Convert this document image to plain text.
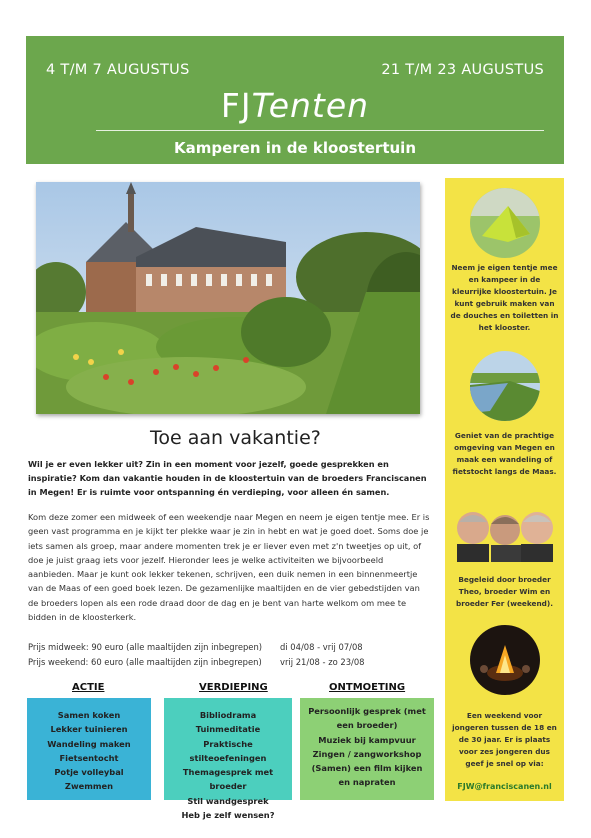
4 T/M 7 AUGUSTUS	21 T/M 23 AUGUSTUS
FJTenten
Kamperen in de kloostertuin
Toe aan vakantie?
Wil je er even lekker uit? Zin in een moment voor jezelf, goede gesprekken en inspiratie? Kom dan vakantie houden in de kloostertuin van de broeders Franciscanen in Megen! Er is ruimte voor ontspanning én verdieping, voor alleen én samen.
Kom deze zomer een midweek of een weekendje naar Megen en neem je eigen tentje mee. Er is geen vast programma en je kijkt ter plekke waar je zin in hebt en wat je goed doet. Soms doe je iets samen als groep, maar andere momenten trek je er liever even met z'n tweetjes op uit, of doe je juist graag iets voor jezelf. Hieronder lees je welke activiteiten we bijvoorbeeld aanbieden. Maar je kunt ook lekker tekenen, schrijven, een duik nemen in een binnenmeertje van de Maas of een goed boek lezen. De gezamenlijke maaltijden en de vier gebedstijden van de broeders lopen als een rode draad door de dag en je bent van harte welkom om mee te bidden in de kloosterkerk.
Prijs midweek: 90 euro (alle maaltijden zijn inbegrepen) di 04/08 - vrij 07/08
Prijs weekend: 60 euro (alle maaltijden zijn inbegrepen) vrij 21/08 - zo 23/08
ACTIE	VERDIEPING	ONTMOETING
Samen koken
Lekker tuinieren
Wandeling maken
Fietsentocht
Potje volleybal
Zwemmen
Bibliodrama
Tuinmeditatie
Praktische stilteoefeningen
Themagesprek met broeder
Stil wandgesprek
Heb je zelf wensen?
Persoonlijk gesprek (met een broeder)
Muziek bij kampvuur
Zingen / zangworkshop
(Samen) een film kijken en napraten
Neem je eigen tentje mee en kampeer in de kleurrijke kloostertuin. Je kunt gebruik maken van de douches en toiletten in het klooster.
Geniet van de prachtige omgeving van Megen en maak een wandeling of fietstocht langs de Maas.
Begeleid door broeder Theo, broeder Wim en broeder Fer (weekend).
Een weekend voor jongeren tussen de 18 en de 30 jaar. Er is plaats voor zes jongeren dus geef je snel op via:
FJW@franciscanen.nl
